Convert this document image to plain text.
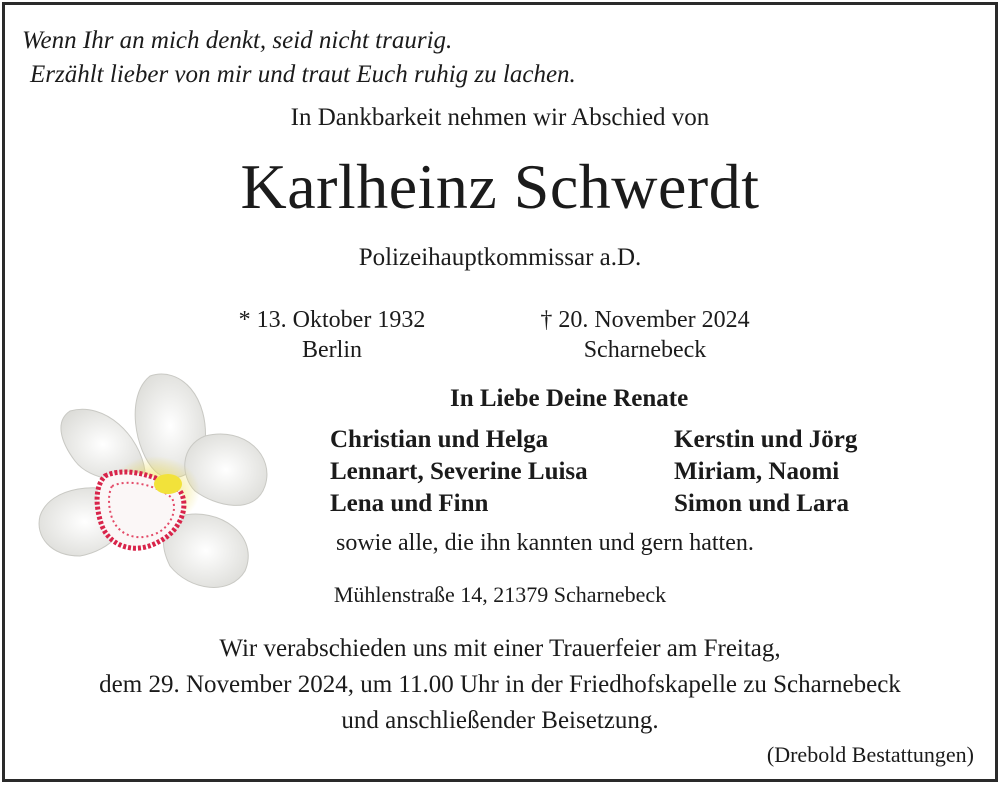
Wenn Ihr an mich denkt, seid nicht traurig.
Erzählt lieber von mir und traut Euch ruhig zu lachen.
In Dankbarkeit nehmen wir Abschied von
Karlheinz Schwerdt
Polizeihauptkommissar a.D.
* 13. Oktober 1932
Berlin
† 20. November 2024
Scharnebeck
In Liebe Deine Renate
Christian und Helga
Lennart, Severine Luisa
Lena und Finn
Kerstin und Jörg
Miriam, Naomi
Simon und Lara
sowie alle, die ihn kannten und gern hatten.
Mühlenstraße 14, 21379 Scharnebeck
Wir verabschieden uns mit einer Trauerfeier am Freitag,
dem 29. November 2024, um 11.00 Uhr in der Friedhofskapelle zu Scharnebeck
und anschließender Beisetzung.
(Drebold Bestattungen)
